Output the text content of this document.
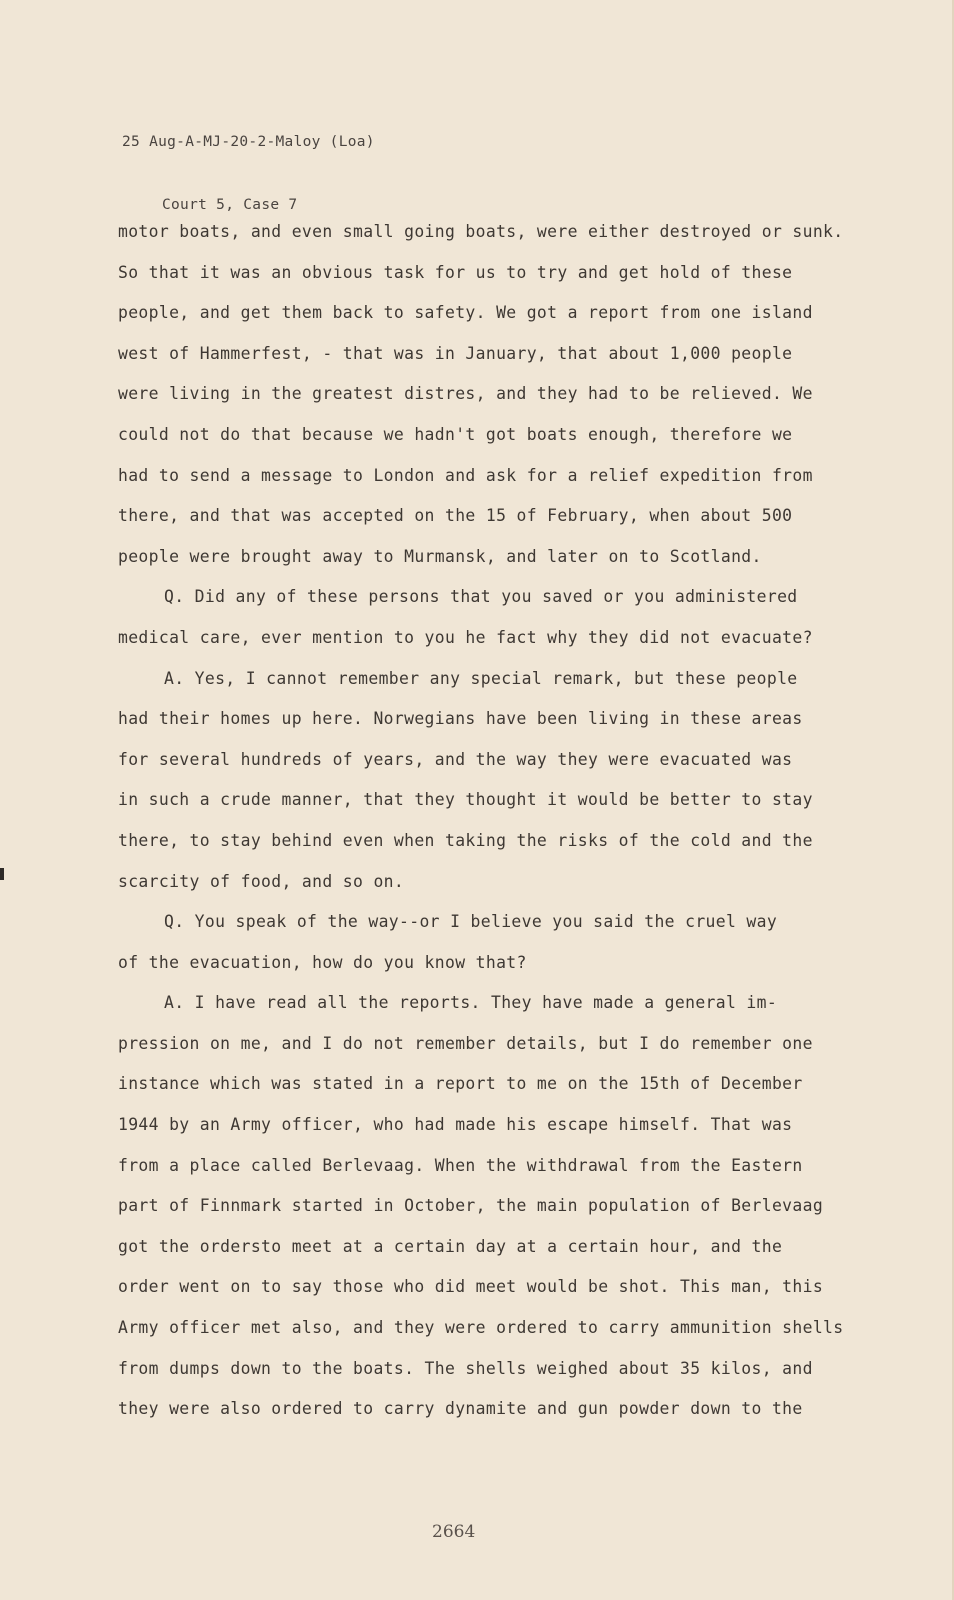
25 Aug-A-MJ-20-2-Maloy (Loa)

Court 5, Case 7

motor boats, and even small going boats, were either destroyed or sunk.
So that it was an obvious task for us to try and get hold of these
people, and get them back to safety. We got a report from one island
west of Hammerfest, - that was in January, that about 1,000 people
were living in the greatest distres, and they had to be relieved. We
could not do that because we hadn't got boats enough, therefore we
had to send a message to London and ask for a relief expedition from
there, and that was accepted on the 15 of February, when about 500
people were brought away to Murmansk, and later on to Scotland.
Q. Did any of these persons that you saved or you administered
medical care, ever mention to you he fact why they did not evacuate?
A. Yes, I cannot remember any special remark, but these people
had their homes up here. Norwegians have been living in these areas
for several hundreds of years, and the way they were evacuated was
in such a crude manner, that they thought it would be better to stay
there, to stay behind even when taking the risks of the cold and the
scarcity of food, and so on.
Q. You speak of the way--or I believe you said the cruel way
of the evacuation, how do you know that?
A. I have read all the reports. They have made a general im-
pression on me, and I do not remember details, but I do remember one
instance which was stated in a report to me on the 15th of December
1944 by an Army officer, who had made his escape himself. That was
from a place called Berlevaag. When the withdrawal from the Eastern
part of Finnmark started in October, the main population of Berlevaag
got the ordersto meet at a certain day at a certain hour, and the
order went on to say those who did meet would be shot. This man, this
Army officer met also, and they were ordered to carry ammunition shells
from dumps down to the boats. The shells weighed about 35 kilos, and
they were also ordered to carry dynamite and gun powder down to the
2664
